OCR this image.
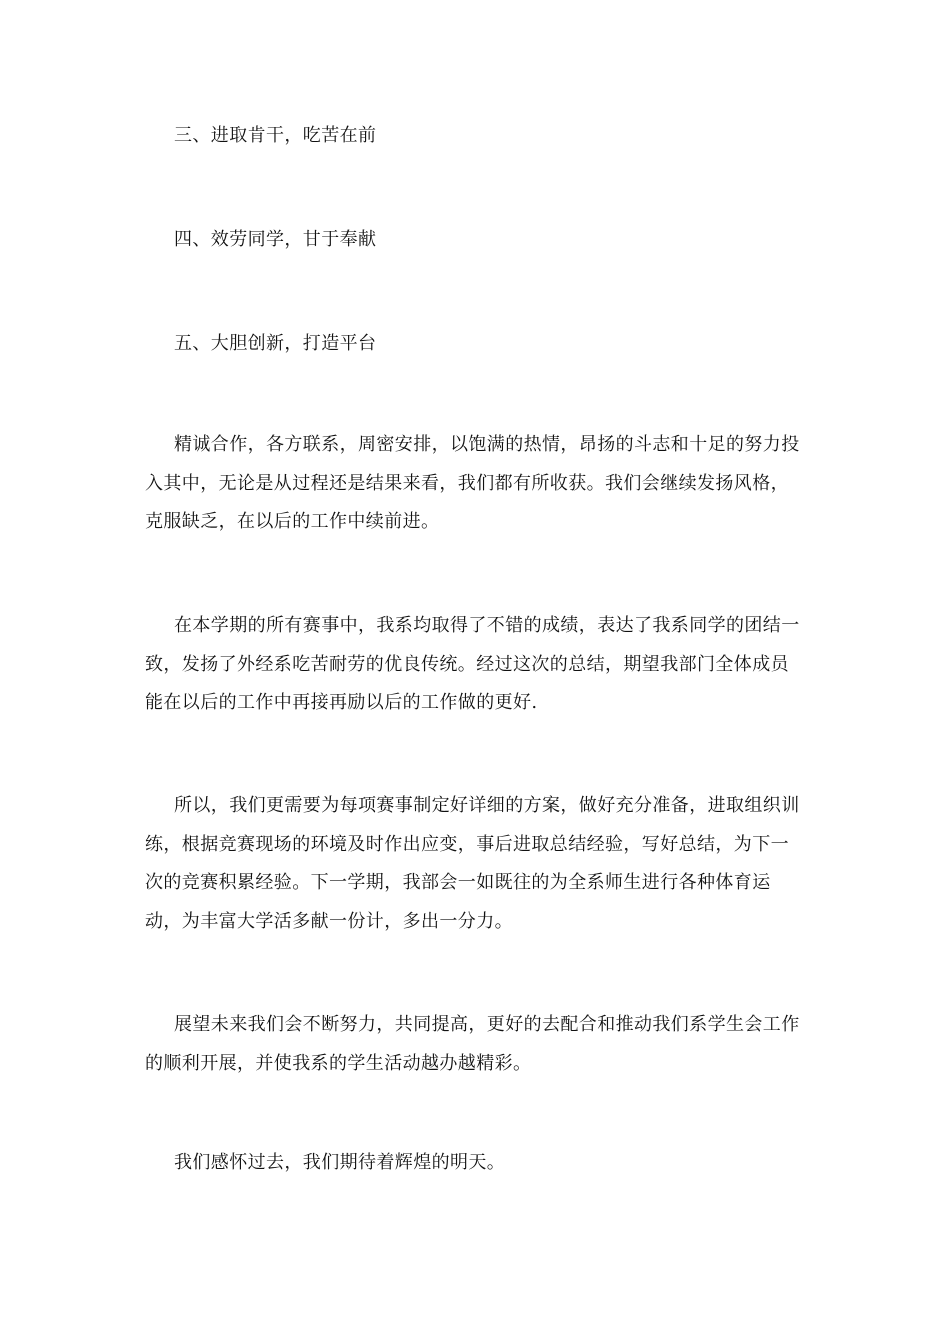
三、进取肯干，吃苦在前

四、效劳同学，甘于奉献

五、大胆创新，打造平台

精诚合作，各方联系，周密安排，以饱满的热情，昂扬的斗志和十足的努力投入其中，无论是从过程还是结果来看，我们都有所收获。我们会继续发扬风格，克服缺乏，在以后的工作中续前进。

在本学期的所有赛事中，我系均取得了不错的成绩，表达了我系同学的团结一致，发扬了外经系吃苦耐劳的优良传统。经过这次的总结，期望我部门全体成员能在以后的工作中再接再励以后的工作做的更好.

所以，我们更需要为每项赛事制定好详细的方案，做好充分准备，进取组织训练，根据竞赛现场的环境及时作出应变，事后进取总结经验，写好总结，为下一次的竞赛积累经验。下一学期，我部会一如既往的为全系师生进行各种体育运动，为丰富大学活多献一份计，多出一分力。

展望未来我们会不断努力，共同提高，更好的去配合和推动我们系学生会工作的顺利开展，并使我系的学生活动越办越精彩。

我们感怀过去，我们期待着辉煌的明天。
